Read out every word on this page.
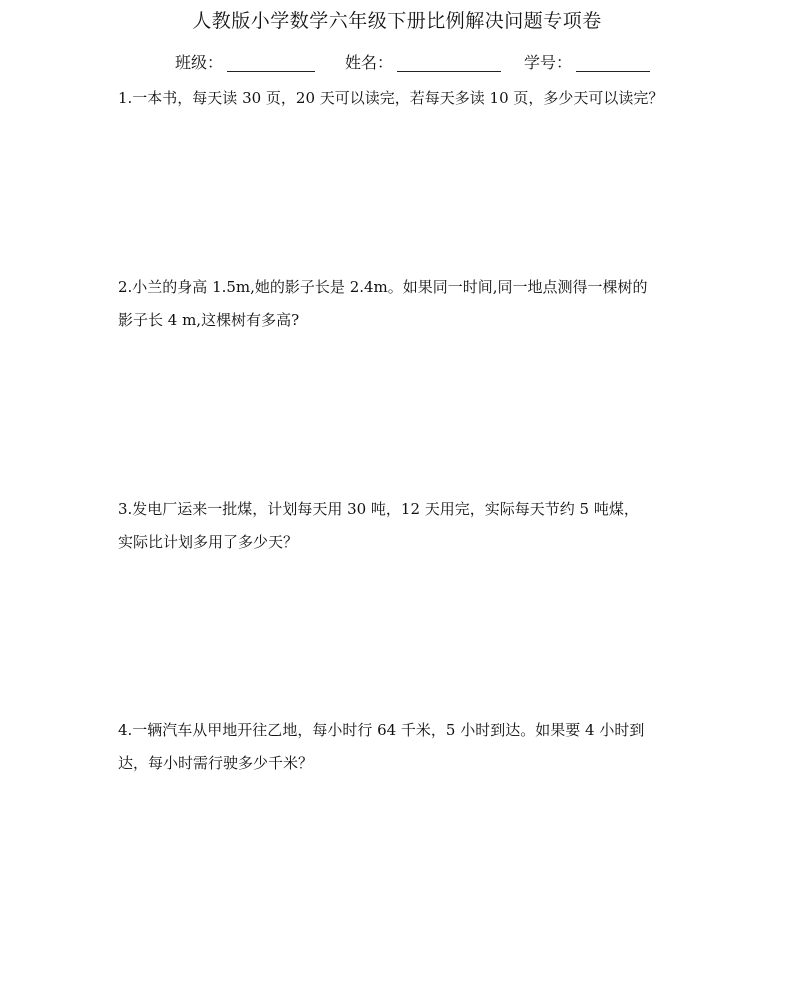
人教版小学数学六年级下册比例解决问题专项卷
班级：	姓名：	学号：

1.一本书，每天读 30 页，20 天可以读完，若每天多读 10 页，多少天可以读完？

2.小兰的身高 1.5m,她的影子长是 2.4m。如果同一时间,同一地点测得一棵树的

影子长 4 m,这棵树有多高?

3.发电厂运来一批煤，计划每天用 30 吨，12 天用完，实际每天节约 5 吨煤，

实际比计划多用了多少天？

4.一辆汽车从甲地开往乙地，每小时行 64 千米，5 小时到达。如果要 4 小时到

达，每小时需行驶多少千米？
